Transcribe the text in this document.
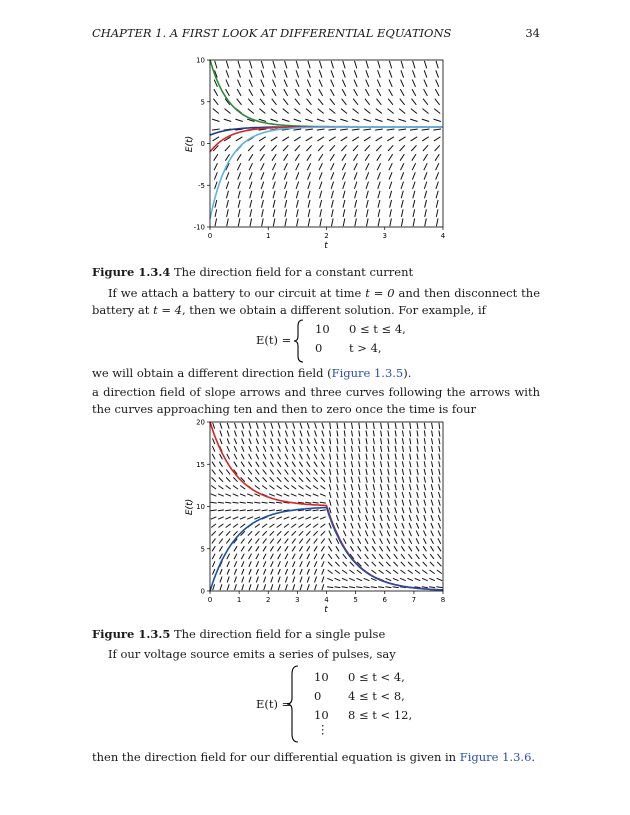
CHAPTER 1. A FIRST LOOK AT DIFFERENTIAL EQUATIONS	34
0	1	2	3	4
-10
-5
0
5
10
t
E(t)
Figure 1.3.4 The direction field for a constant current
If we attach a battery to our circuit at time t = 0 and then disconnect the battery at t = 4, then we obtain a different solution. For example, if
E(t) =
10 0 ≤ t ≤ 4,
0 t > 4,
we will obtain a different direction field (Figure 1.3.5).
a direction field of slope arrows and three curves following the arrows with the curves approaching ten and then to zero once the time is four
0	1	2	3	4	5	6	7	8
0
5
10
15
20
t
E(t)
Figure 1.3.5 The direction field for a single pulse
If our voltage source emits a series of pulses, say
E(t) =
10 0 ≤ t < 4,
0 4 ≤ t < 8,
10 8 ≤ t < 12,
⋮
then the direction field for our differential equation is given in Figure 1.3.6.
